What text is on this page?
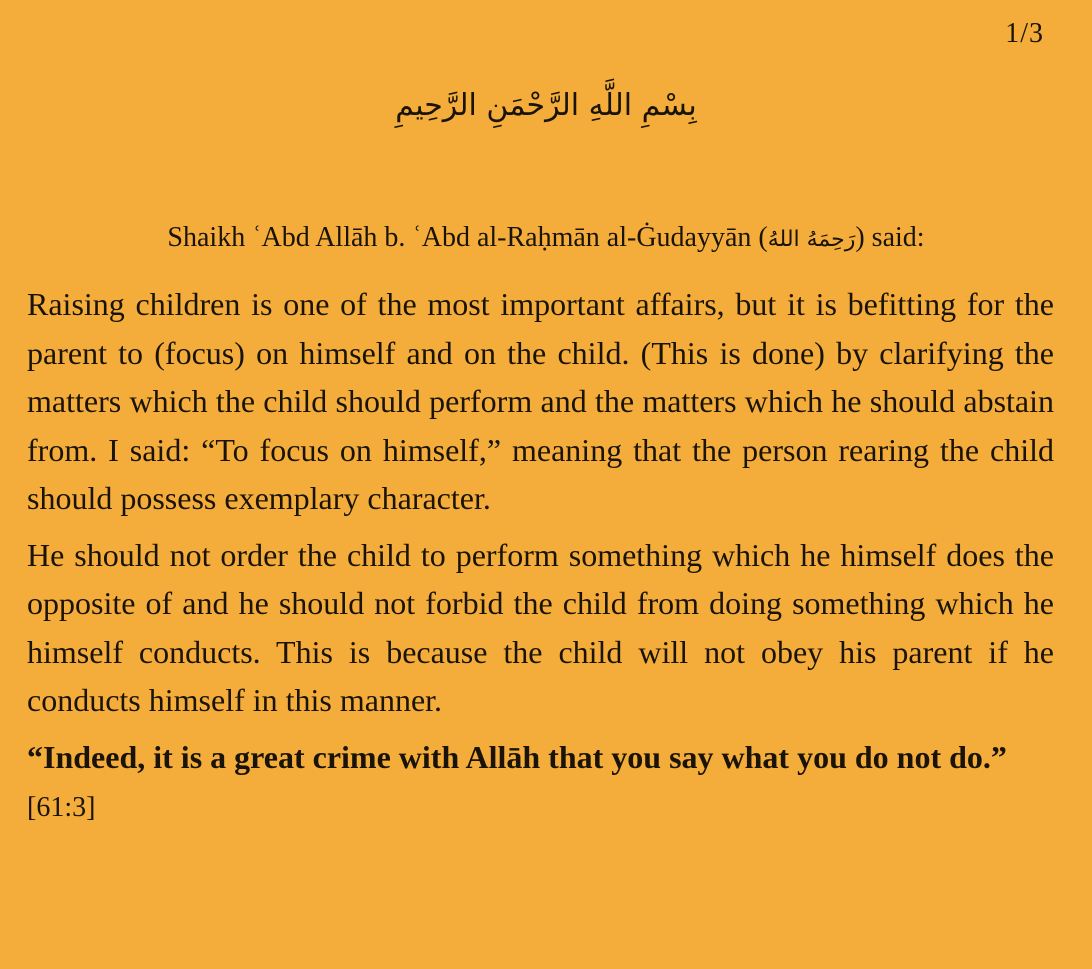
1/3
بِسْمِ اللَّهِ الرَّحْمَنِ الرَّحِيمِ
Shaikh ʿAbd Allāh b. ʿAbd al-Raḥmān al-Ġudayyān (رَحِمَهُ اللهُ) said:

Raising children is one of the most important affairs, but it is befitting for the parent to (focus) on himself and on the child. (This is done) by clarifying the matters which the child should perform and the matters which he should abstain from. I said: “To focus on himself,” meaning that the person rearing the child should possess exemplary character.

He should not order the child to perform something which he himself does the opposite of and he should not forbid the child from doing something which he himself conducts. This is because the child will not obey his parent if he conducts himself in this manner.

“Indeed, it is a great crime with Allāh that you say what you do not do.” [61:3]
